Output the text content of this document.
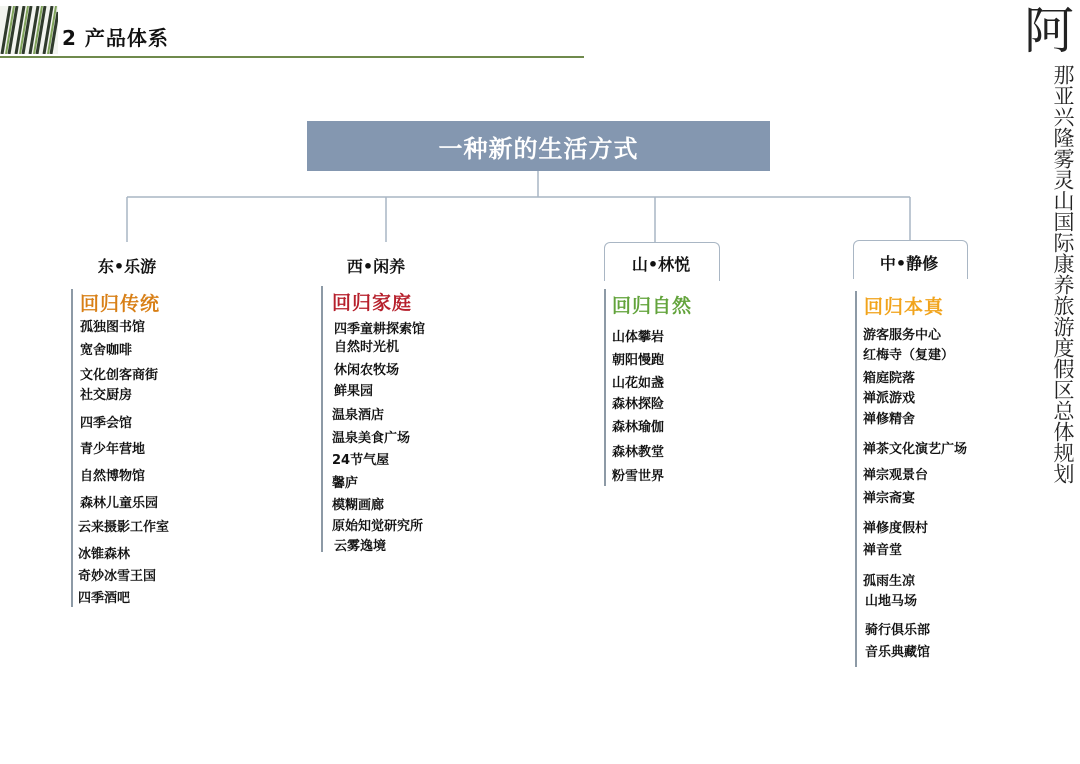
2 产品体系	阿
那亚兴隆雾灵山国际康养旅游度假区总体规划
一种新的生活方式
东•乐游	西•闲养	山•林悦	中•静修
回归传统	回归家庭	回归自然	回归本真
孤独图书馆
宽舍咖啡
文化创客商街
社交厨房
四季会馆
青少年营地
自然博物馆
森林儿童乐园
云来摄影工作室
冰锥森林
奇妙冰雪王国
四季酒吧
四季童耕探索馆
自然时光机
休闲农牧场
鲜果园
温泉酒店
温泉美食广场
24节气屋
馨庐
模糊画廊
原始知觉研究所
云雾逸境
山体攀岩
朝阳慢跑
山花如盏
森林探险
森林瑜伽
森林教堂
粉雪世界
游客服务中心
红梅寺（复建）
箱庭院落
禅派游戏
禅修精舍
禅茶文化演艺广场
禅宗观景台
禅宗斋宴
禅修度假村
禅音堂
孤雨生凉
山地马场
骑行俱乐部
音乐典藏馆
